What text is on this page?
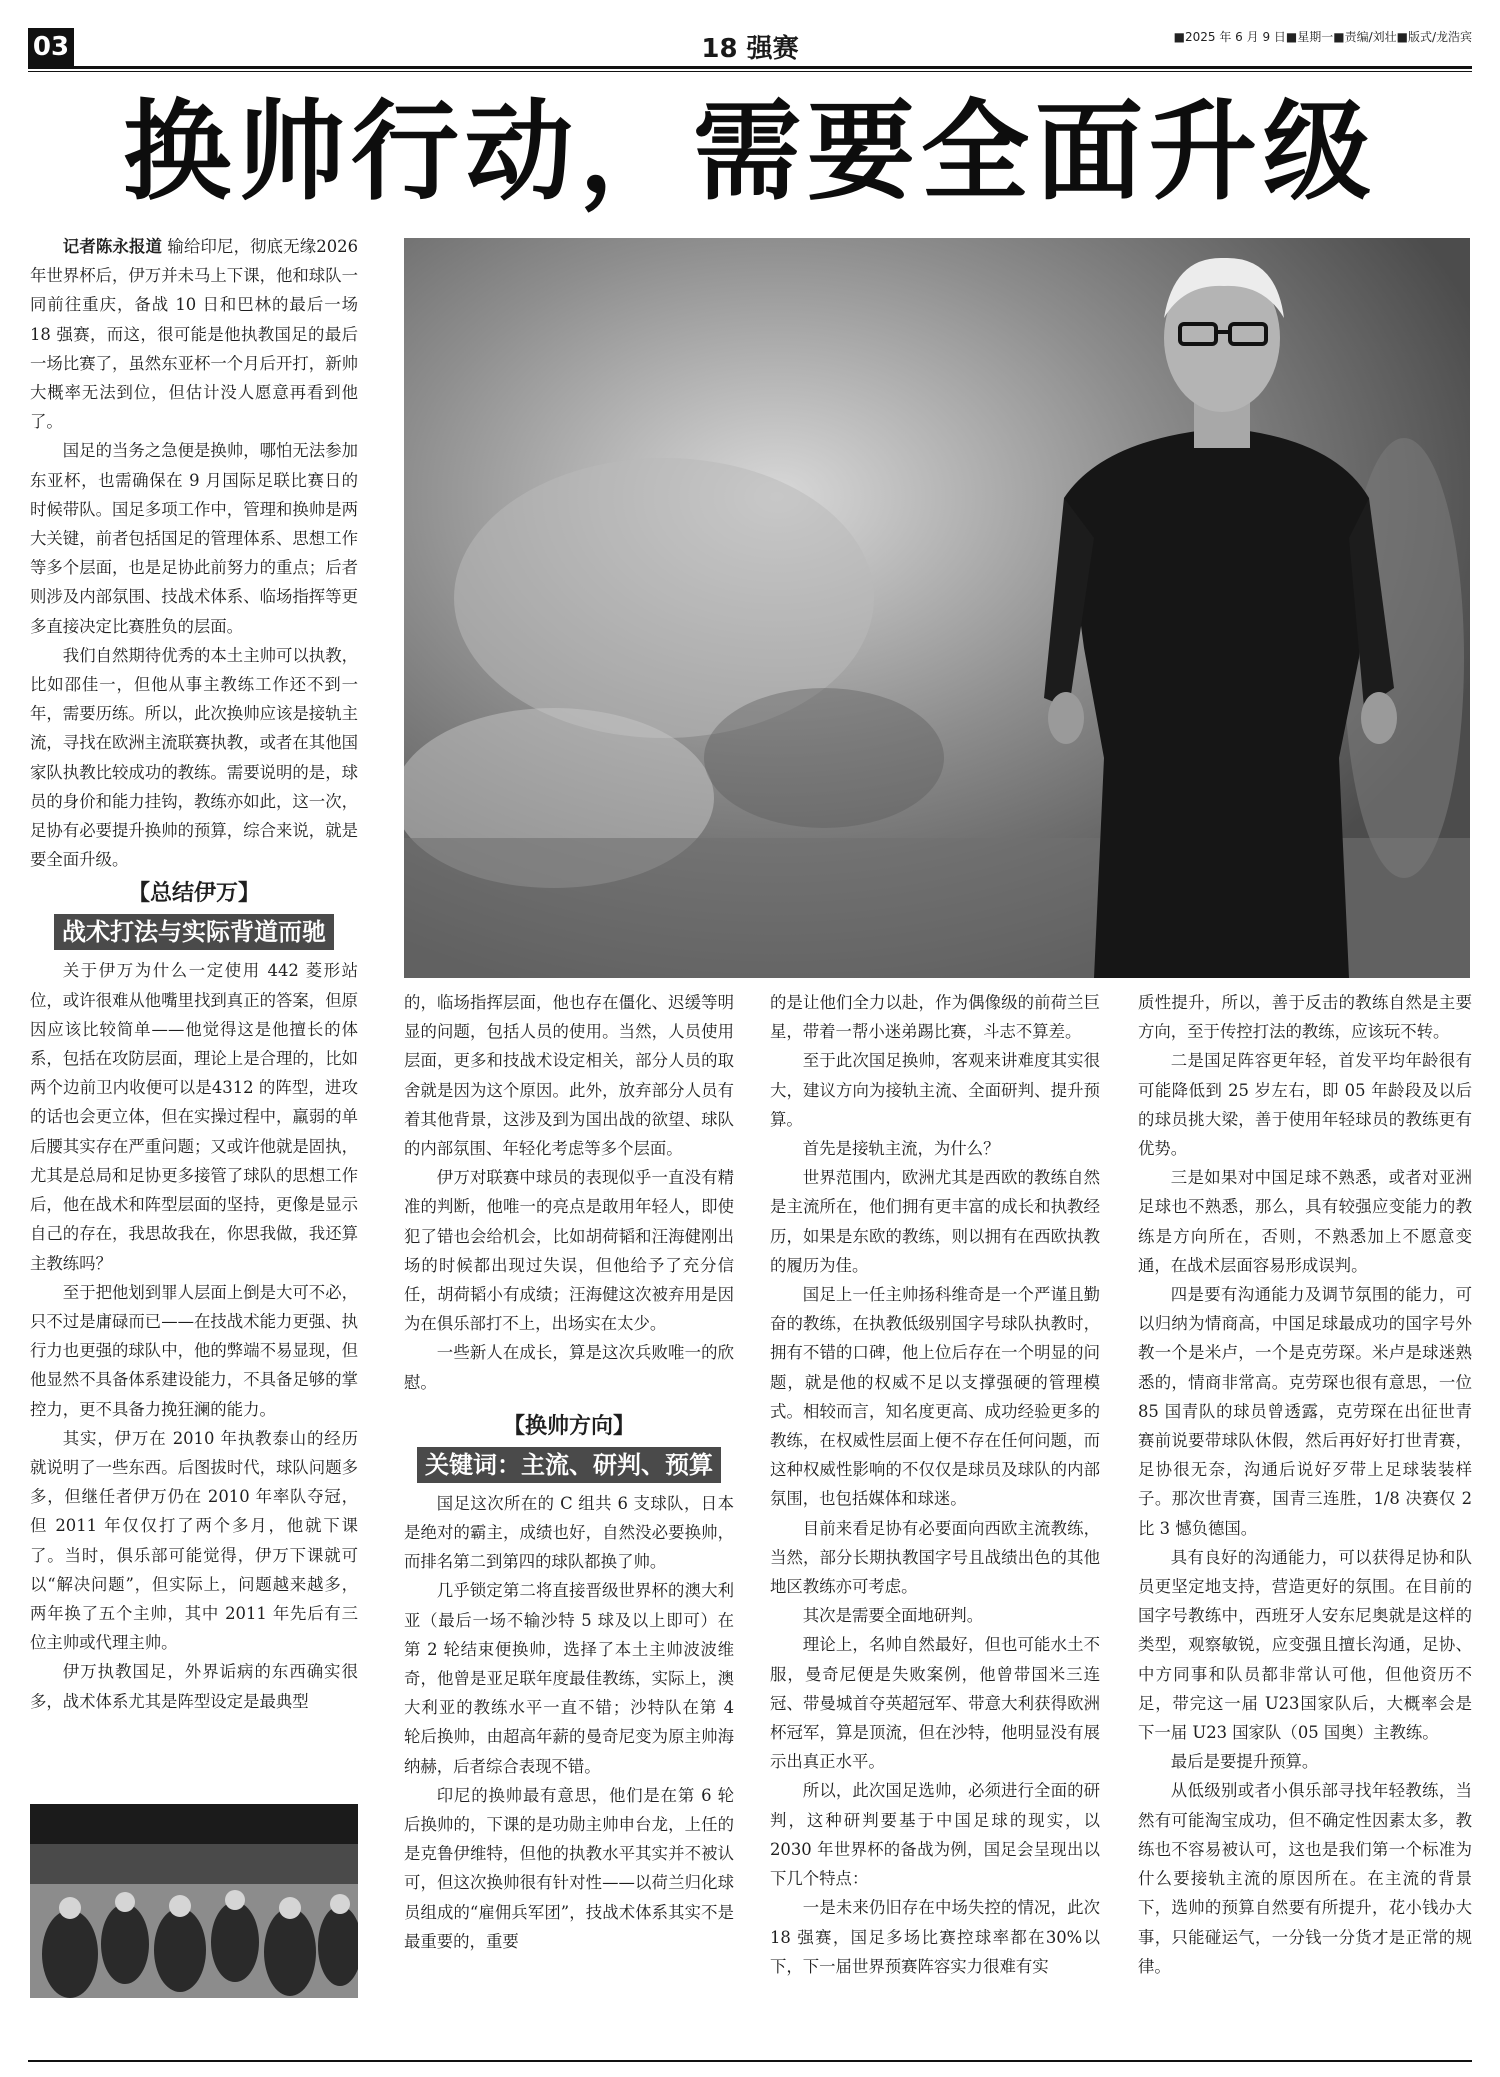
18 强赛
03	■2025 年 6 月 9 日■星期一■责编/刘壮■版式/龙浩宾
换帅行动，需要全面升级

记者陈永报道 输给印尼，彻底无缘2026 年世界杯后，伊万并未马上下课，他和球队一同前往重庆，备战 10 日和巴林的最后一场 18 强赛，而这，很可能是他执教国足的最后一场比赛了，虽然东亚杯一个月后开打，新帅大概率无法到位，但估计没人愿意再看到他了。

国足的当务之急便是换帅，哪怕无法参加东亚杯，也需确保在 9 月国际足联比赛日的时候带队。国足多项工作中，管理和换帅是两大关键，前者包括国足的管理体系、思想工作等多个层面，也是足协此前努力的重点；后者则涉及内部氛围、技战术体系、临场指挥等更多直接决定比赛胜负的层面。

我们自然期待优秀的本土主帅可以执教，比如邵佳一，但他从事主教练工作还不到一年，需要历练。所以，此次换帅应该是接轨主流，寻找在欧洲主流联赛执教，或者在其他国家队执教比较成功的教练。需要说明的是，球员的身价和能力挂钩，教练亦如此，这一次，足协有必要提升换帅的预算，综合来说，就是要全面升级。

【总结伊万】
战术打法与实际背道而驰

关于伊万为什么一定使用 442 菱形站位，或许很难从他嘴里找到真正的答案，但原因应该比较简单——他觉得这是他擅长的体系，包括在攻防层面，理论上是合理的，比如两个边前卫内收便可以是4312 的阵型，进攻的话也会更立体，但在实操过程中，羸弱的单后腰其实存在严重问题；又或许他就是固执，尤其是总局和足协更多接管了球队的思想工作后，他在战术和阵型层面的坚持，更像是显示自己的存在，我思故我在，你思我做，我还算主教练吗？

至于把他划到罪人层面上倒是大可不必，只不过是庸碌而已——在技战术能力更强、执行力也更强的球队中，他的弊端不易显现，但他显然不具备体系建设能力，不具备足够的掌控力，更不具备力挽狂澜的能力。

其实，伊万在 2010 年执教泰山的经历就说明了一些东西。后图拔时代，球队问题多多，但继任者伊万仍在 2010 年率队夺冠，但 2011 年仅仅打了两个多月，他就下课了。当时，俱乐部可能觉得，伊万下课就可以“解决问题”，但实际上，问题越来越多，两年换了五个主帅，其中 2011 年先后有三位主帅或代理主帅。

伊万执教国足，外界诟病的东西确实很多，战术体系尤其是阵型设定是最典型

的，临场指挥层面，他也存在僵化、迟缓等明显的问题，包括人员的使用。当然，人员使用层面，更多和技战术设定相关，部分人员的取舍就是因为这个原因。此外，放弃部分人员有着其他背景，这涉及到为国出战的欲望、球队的内部氛围、年轻化考虑等多个层面。

伊万对联赛中球员的表现似乎一直没有精准的判断，他唯一的亮点是敢用年轻人，即使犯了错也会给机会，比如胡荷韬和汪海健刚出场的时候都出现过失误，但他给予了充分信任，胡荷韬小有成绩；汪海健这次被弃用是因为在俱乐部打不上，出场实在太少。

一些新人在成长，算是这次兵败唯一的欣慰。

【换帅方向】
关键词：主流、研判、预算

国足这次所在的 C 组共 6 支球队，日本是绝对的霸主，成绩也好，自然没必要换帅，而排名第二到第四的球队都换了帅。

几乎锁定第二将直接晋级世界杯的澳大利亚（最后一场不输沙特 5 球及以上即可）在第 2 轮结束便换帅，选择了本土主帅波波维奇，他曾是亚足联年度最佳教练，实际上，澳大利亚的教练水平一直不错；沙特队在第 4 轮后换帅，由超高年薪的曼奇尼变为原主帅海纳赫，后者综合表现不错。

印尼的换帅最有意思，他们是在第 6 轮后换帅的，下课的是功勋主帅申台龙，上任的是克鲁伊维特，但他的执教水平其实并不被认可，但这次换帅很有针对性——以荷兰归化球员组成的“雇佣兵军团”，技战术体系其实不是最重要的，重要

的是让他们全力以赴，作为偶像级的前荷兰巨星，带着一帮小迷弟踢比赛，斗志不算差。

至于此次国足换帅，客观来讲难度其实很大，建议方向为接轨主流、全面研判、提升预算。

首先是接轨主流，为什么？

世界范围内，欧洲尤其是西欧的教练自然是主流所在，他们拥有更丰富的成长和执教经历，如果是东欧的教练，则以拥有在西欧执教的履历为佳。

国足上一任主帅扬科维奇是一个严谨且勤奋的教练，在执教低级别国字号球队执教时，拥有不错的口碑，他上位后存在一个明显的问题，就是他的权威不足以支撑强硬的管理模式。相较而言，知名度更高、成功经验更多的教练，在权威性层面上便不存在任何问题，而这种权威性影响的不仅仅是球员及球队的内部氛围，也包括媒体和球迷。

目前来看足协有必要面向西欧主流教练，当然，部分长期执教国字号且战绩出色的其他地区教练亦可考虑。

其次是需要全面地研判。

理论上，名帅自然最好，但也可能水土不服，曼奇尼便是失败案例，他曾带国米三连冠、带曼城首夺英超冠军、带意大利获得欧洲杯冠军，算是顶流，但在沙特，他明显没有展示出真正水平。

所以，此次国足选帅，必须进行全面的研判，这种研判要基于中国足球的现实，以 2030 年世界杯的备战为例，国足会呈现出以下几个特点：

一是未来仍旧存在中场失控的情况，此次 18 强赛，国足多场比赛控球率都在30%以下，下一届世界预赛阵容实力很难有实

质性提升，所以，善于反击的教练自然是主要方向，至于传控打法的教练，应该玩不转。

二是国足阵容更年轻，首发平均年龄很有可能降低到 25 岁左右，即 05 年龄段及以后的球员挑大梁，善于使用年轻球员的教练更有优势。

三是如果对中国足球不熟悉，或者对亚洲足球也不熟悉，那么，具有较强应变能力的教练是方向所在，否则，不熟悉加上不愿意变通，在战术层面容易形成误判。

四是要有沟通能力及调节氛围的能力，可以归纳为情商高，中国足球最成功的国字号外教一个是米卢，一个是克劳琛。米卢是球迷熟悉的，情商非常高。克劳琛也很有意思，一位 85 国青队的球员曾透露，克劳琛在出征世青赛前说要带球队休假，然后再好好打世青赛，足协很无奈，沟通后说好歹带上足球装装样子。那次世青赛，国青三连胜，1/8 决赛仅 2 比 3 憾负德国。

具有良好的沟通能力，可以获得足协和队员更坚定地支持，营造更好的氛围。在目前的国字号教练中，西班牙人安东尼奥就是这样的类型，观察敏锐，应变强且擅长沟通，足协、中方同事和队员都非常认可他，但他资历不足，带完这一届 U23国家队后，大概率会是下一届 U23 国家队（05 国奥）主教练。

最后是要提升预算。

从低级别或者小俱乐部寻找年轻教练，当然有可能淘宝成功，但不确定性因素太多，教练也不容易被认可，这也是我们第一个标准为什么要接轨主流的原因所在。在主流的背景下，选帅的预算自然要有所提升，花小钱办大事，只能碰运气，一分钱一分货才是正常的规律。
